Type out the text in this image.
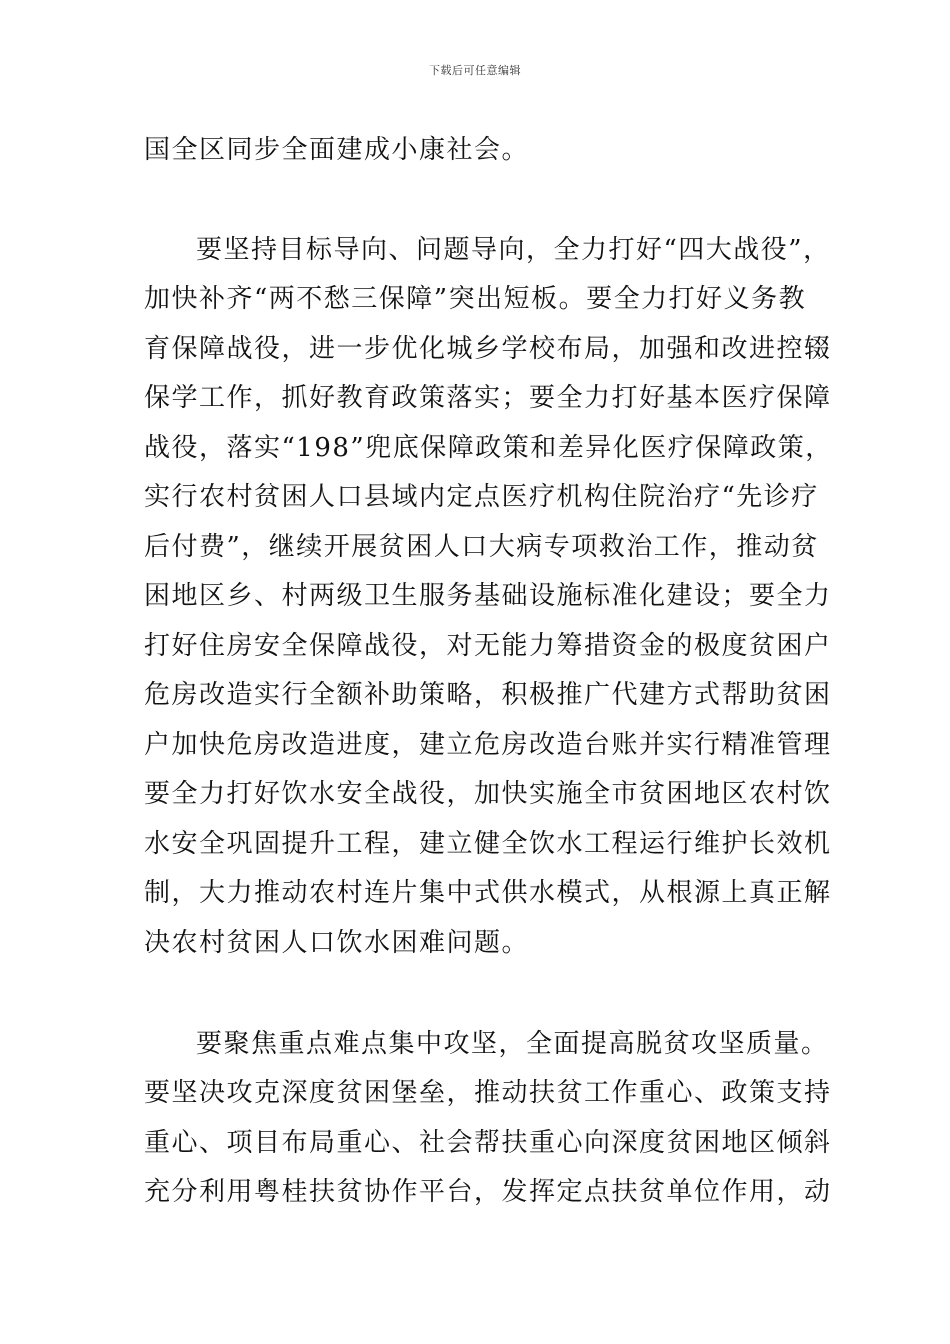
下载后可任意编辑
国全区同步全面建成小康社会。
要坚持目标导向、问题导向，全力打好“四大战役”，
加快补齐“两不愁三保障”突出短板。要全力打好义务教
育保障战役，进一步优化城乡学校布局，加强和改进控辍
保学工作，抓好教育政策落实；要全力打好基本医疗保障
战役，落实“198”兜底保障政策和差异化医疗保障政策，
实行农村贫困人口县域内定点医疗机构住院治疗“先诊疗
后付费”，继续开展贫困人口大病专项救治工作，推动贫
困地区乡、村两级卫生服务基础设施标准化建设；要全力
打好住房安全保障战役，对无能力筹措资金的极度贫困户
危房改造实行全额补助策略，积极推广代建方式帮助贫困
户加快危房改造进度，建立危房改造台账并实行精准管理
要全力打好饮水安全战役，加快实施全市贫困地区农村饮
水安全巩固提升工程，建立健全饮水工程运行维护长效机
制，大力推动农村连片集中式供水模式，从根源上真正解
决农村贫困人口饮水困难问题。
要聚焦重点难点集中攻坚，全面提高脱贫攻坚质量。
要坚决攻克深度贫困堡垒，推动扶贫工作重心、政策支持
重心、项目布局重心、社会帮扶重心向深度贫困地区倾斜
充分利用粤桂扶贫协作平台，发挥定点扶贫单位作用，动
